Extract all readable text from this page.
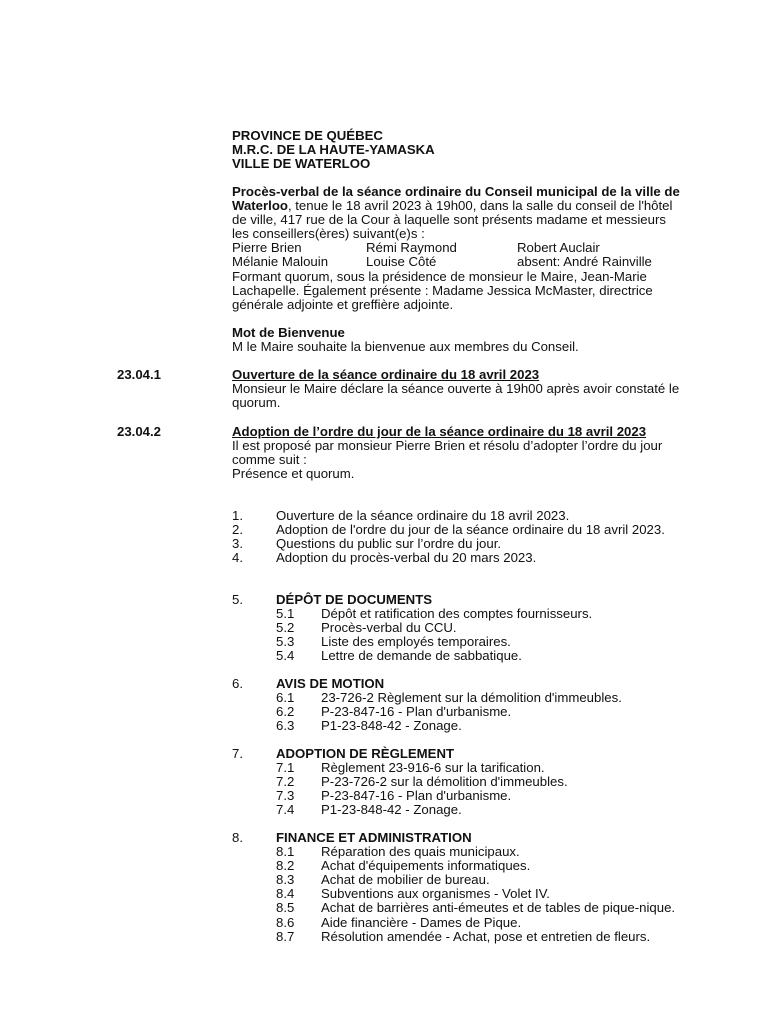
PROVINCE DE QUÉBEC
M.R.C. DE LA HAUTE-YAMASKA
VILLE DE WATERLOO

Procès-verbal de la séance ordinaire du Conseil municipal de la ville de Waterloo, tenue le 18 avril 2023 à 19h00, dans la salle du conseil de l'hôtel de ville, 417 rue de la Cour à laquelle sont présents madame et messieurs les conseillers(ères) suivant(e)s :

Pierre Brien	Rémi Raymond	Robert Auclair
Mélanie Malouin	Louise Côté	absent: André Rainville

Formant quorum, sous la présidence de monsieur le Maire, Jean-Marie Lachapelle. Également présente : Madame Jessica McMaster, directrice générale adjointe et greffière adjointe.

Mot de Bienvenue
M le Maire souhaite la bienvenue aux membres du Conseil.
23.04.1	Ouverture de la séance ordinaire du 18 avril 2023
Monsieur le Maire déclare la séance ouverte à 19h00 après avoir constaté le quorum.
23.04.2	Adoption de l’ordre du jour de la séance ordinaire du 18 avril 2023
Il est proposé par monsieur Pierre Brien et résolu d’adopter l’ordre du jour comme suit :
Présence et quorum.
1.	Ouverture de la séance ordinaire du 18 avril 2023.
2.	Adoption de l'ordre du jour de la séance ordinaire du 18 avril 2023.
3.	Questions du public sur l’ordre du jour.
4.	Adoption du procès-verbal du 20 mars 2023.
5.	DÉPÔT DE DOCUMENTS
5.1 Dépôt et ratification des comptes fournisseurs.
5.2 Procès-verbal du CCU.
5.3 Liste des employés temporaires.
5.4 Lettre de demande de sabbatique.
6.	AVIS DE MOTION
6.1 23-726-2 Règlement sur la démolition d'immeubles.
6.2 P-23-847-16 - Plan d'urbanisme.
6.3 P1-23-848-42 - Zonage.
7.	ADOPTION DE RÈGLEMENT
7.1 Règlement 23-916-6 sur la tarification.
7.2 P-23-726-2 sur la démolition d'immeubles.
7.3 P-23-847-16 - Plan d'urbanisme.
7.4 P1-23-848-42 - Zonage.
8.	FINANCE ET ADMINISTRATION
8.1 Réparation des quais municipaux.
8.2 Achat d'équipements informatiques.
8.3 Achat de mobilier de bureau.
8.4 Subventions aux organismes - Volet IV.
8.5 Achat de barrières anti-émeutes et de tables de pique-nique.
8.6 Aide financière - Dames de Pique.
8.7 Résolution amendée - Achat, pose et entretien de fleurs.
